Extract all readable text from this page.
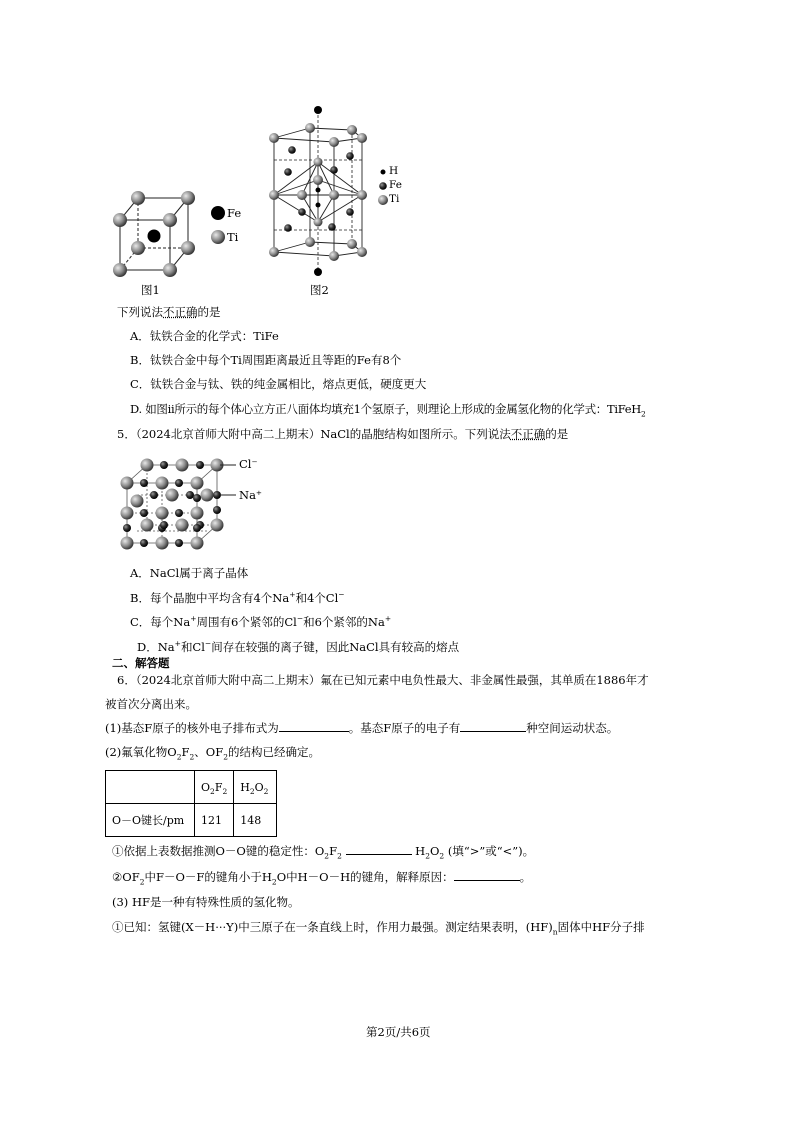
Fe
Ti
图1
H
Fe
Ti
图2
下列说法不正确的是
A．钛铁合金的化学式：TiFe
B．钛铁合金中每个Ti周围距离最近且等距的Fe有8个
C．钛铁合金与钛、铁的纯金属相比，熔点更低，硬度更大
D. 如图ii所示的每个体心立方正八面体均填充1个氢原子，则理论上形成的金属氢化物的化学式：TiFeH$_2$
5．（2024北京首师大附中高二上期末）NaCl的晶胞结构如图所示。下列说法不正确的是
Cl⁻
Na⁺
A．NaCl属于离子晶体
B．每个晶胞中平均含有4个Na+和4个Cl−
C．每个Na+周围有6个紧邻的Cl−和6个紧邻的Na+
D．Na+和Cl−间存在较强的离子键，因此NaCl具有较高的熔点
二、解答题
6．（2024北京首师大附中高二上期末）氟在已知元素中电负性最大、非金属性最强，其单质在1886年才
被首次分离出来。
(1)基态F原子的核外电子排布式为	。基态F原子的电子有	种空间运动状态。
(2)氟氧化物$O_2F_2$、$OF_2$的结构已经确定。
	$O_2F_2$	$H_2O_2$
O－O键长/pm	121	148
①依据上表数据推测O－O键的稳定性：$O_2F_2$	$H_2O_2$ (填“>”或“<”)。
$②OF_2$中F－O－F的键角小于$H_2O$中H－O－H的键角，解释原因：	。
(3) HF是一种有特殊性质的氢化物。
①已知：氢键(X－H···Y)中三原子在一条直线上时，作用力最强。测定结果表明，$(HF)_n$固体中HF分子排
第2页/共6页
